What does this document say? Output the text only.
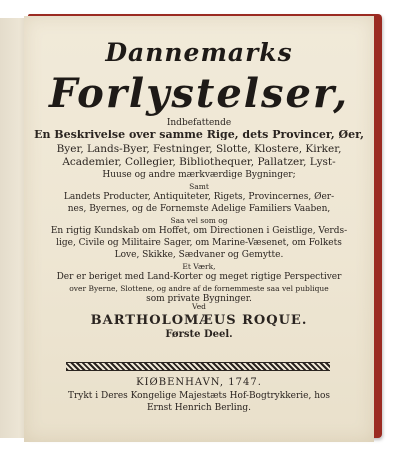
Dannemarks
Forlystelser,
Indbefattende
En Beskrivelse over samme Rige, dets Provincer, Øer,
Byer, Lands-Byer, Festninger, Slotte, Klostere, Kirker,
Academier, Collegier, Bibliothequer, Pallatzer, Lyst-
Huuse og andre mærkværdige Bygninger;
Samt
Landets Producter, Antiquiteter, Rigets, Provincernes, Øer-
nes, Byernes, og de Fornemste Adelige Familiers Vaaben,
Saa vel som og
En rigtig Kundskab om Hoffet, om Directionen i Geistlige, Verds-
lige, Civile og Militaire Sager, om Marine-Væsenet, om Folkets
Love, Skikke, Sædvaner og Gemytte.
Et Værk,
Der er beriget med Land-Korter og meget rigtige Perspectiver
over Byerne, Slottene, og andre af de fornemmeste saa vel publique
som private Bygninger.
Ved
BARTHOLOMÆUS ROQUE.
Første Deel.
KIØBENHAVN, 1747.
Trykt i Deres Kongelige Majestæts Hof-Bogtrykkerie, hos
Ernst Henrich Berling.
